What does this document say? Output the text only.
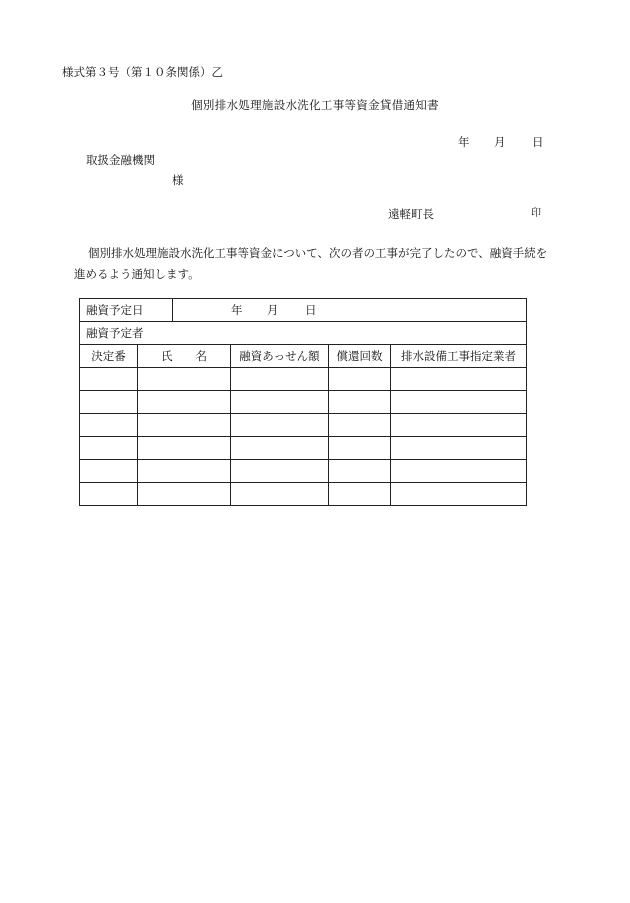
様式第３号（第１０条関係）乙
個別排水処理施設水洗化工事等資金貸借通知書
年 月 日
取扱金融機関
様
遠軽町長	印

個別排水処理施設水洗化工事等資金について、次の者の工事が完了したので、融資手続を

進めるよう通知します。

融資予定日		年 月 日			

融資予定者					
決定番	氏　　名		融資あっせん額	償還回数	排水設備工事指定業者
